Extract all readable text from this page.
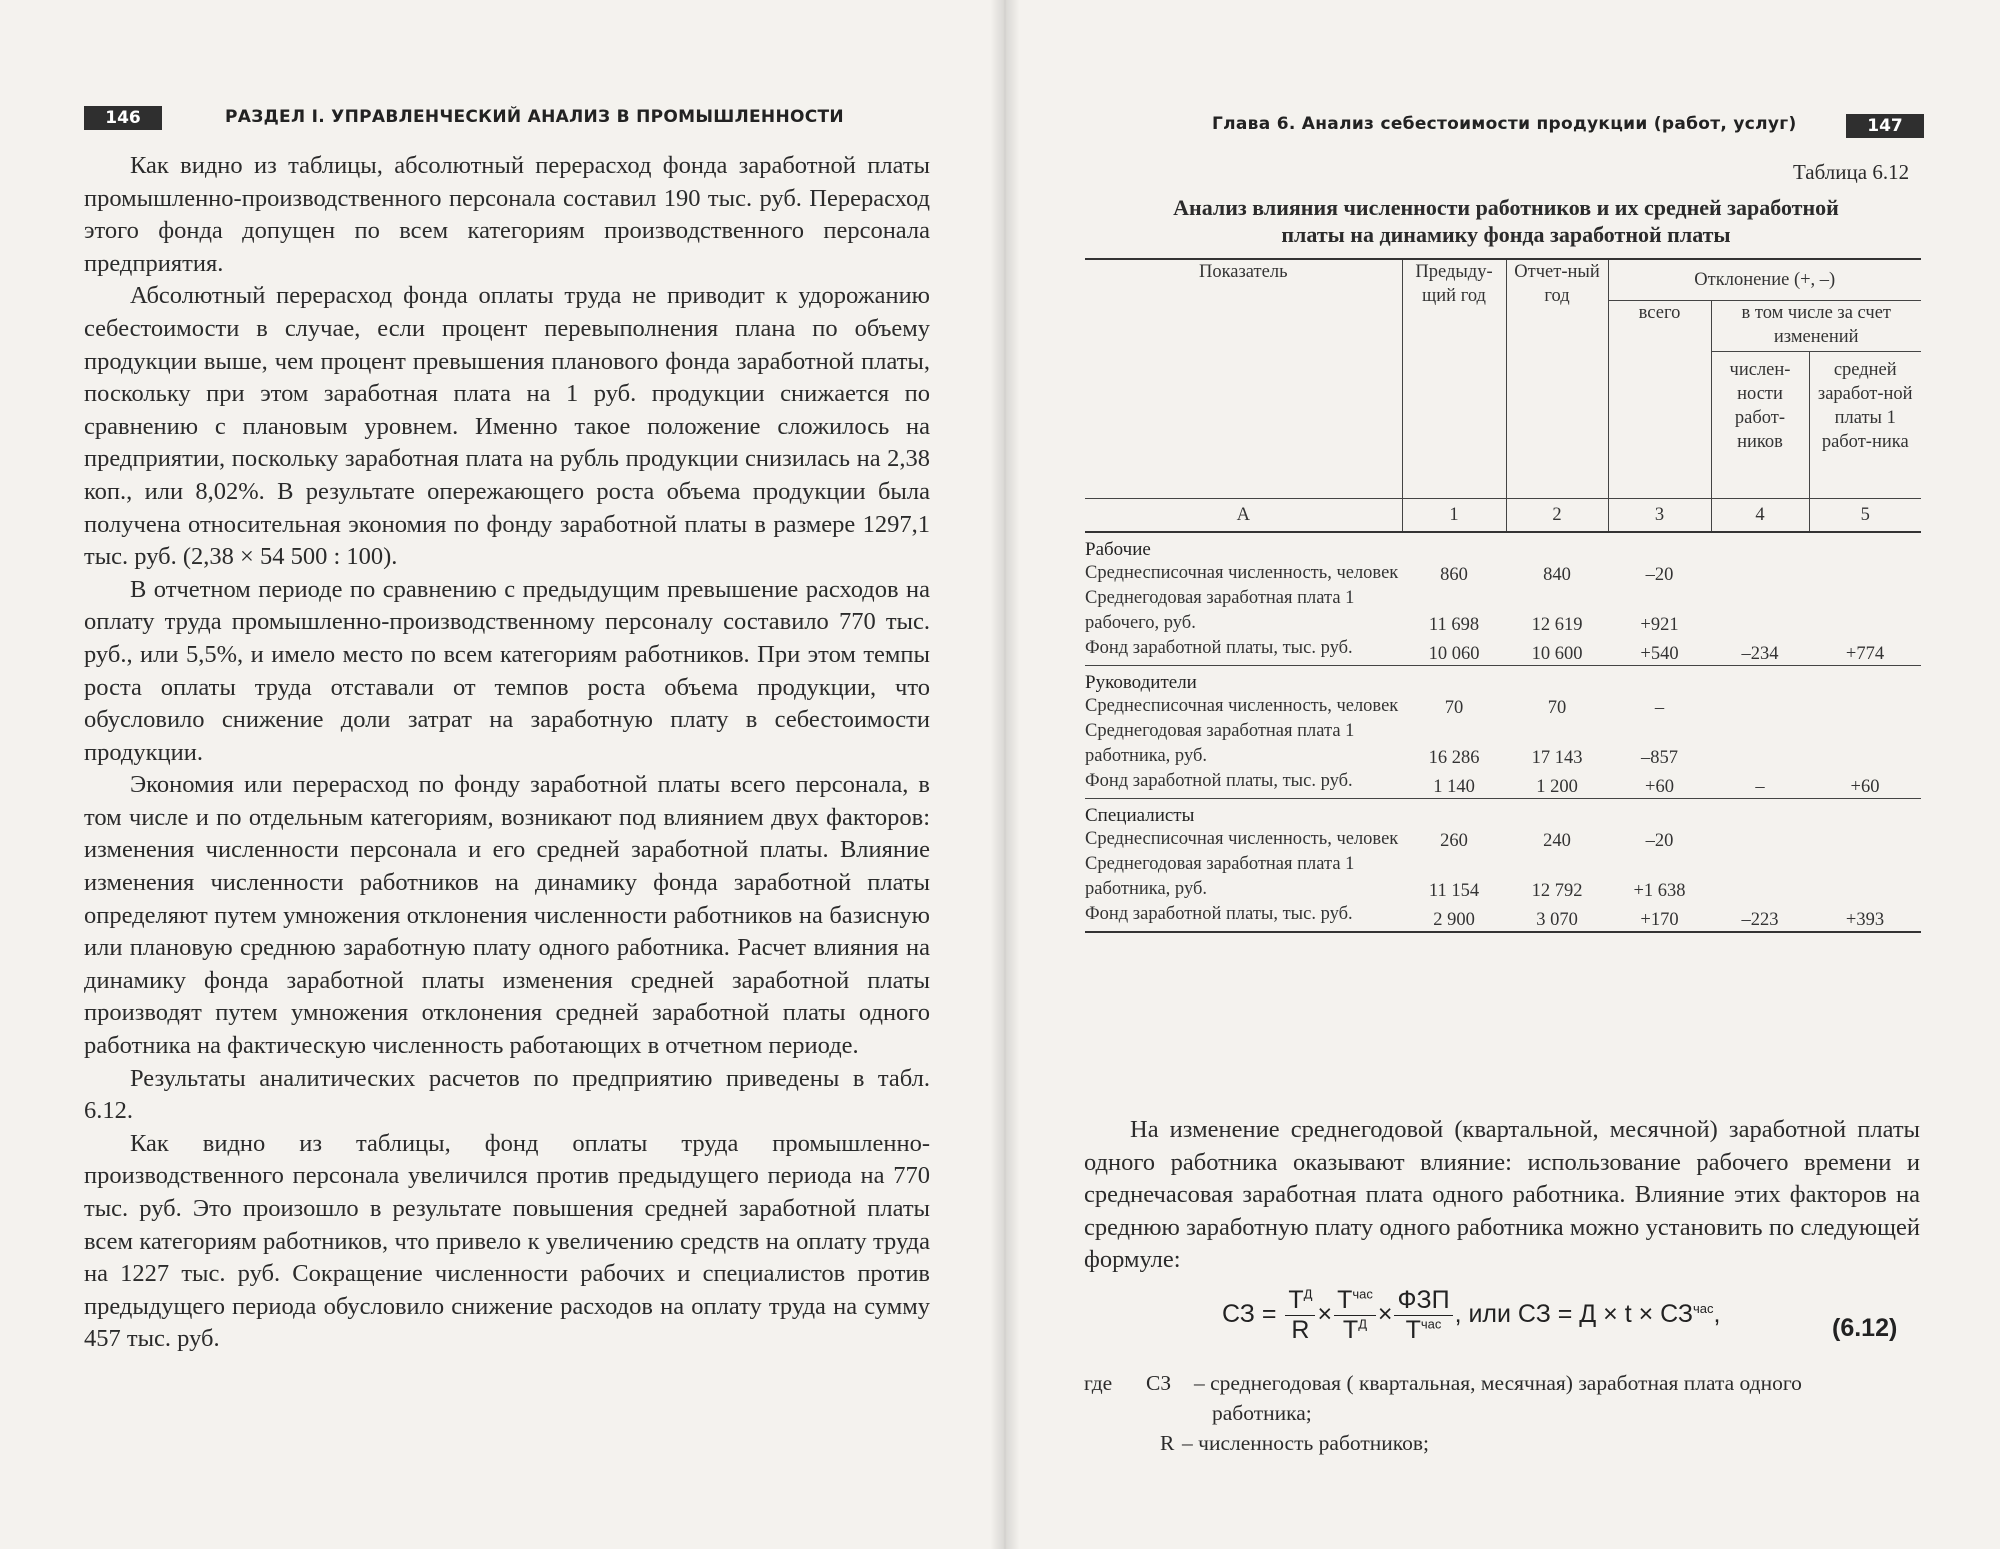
146	РАЗДЕЛ I. УПРАВЛЕНЧЕСКИЙ АНАЛИЗ В ПРОМЫШЛЕННОСТИ

Как видно из таблицы, абсолютный перерасход фонда заработной платы промышленно-производственного персонала составил 190 тыс. руб. Перерасход этого фонда допущен по всем категориям производственного персонала предприятия.

Абсолютный перерасход фонда оплаты труда не приводит к удорожанию себестоимости в случае, если процент перевыполнения плана по объему продукции выше, чем процент превышения планового фонда заработной платы, поскольку при этом заработная плата на 1 руб. продукции снижается по сравнению с плановым уровнем. Именно такое положение сложилось на предприятии, поскольку заработная плата на рубль продукции снизилась на 2,38 коп., или 8,02%. В результате опережающего роста объема продукции была получена относительная экономия по фонду заработной платы в размере 1297,1 тыс. руб. (2,38 × 54 500 : 100).

В отчетном периоде по сравнению с предыдущим превышение расходов на оплату труда промышленно-производственному персоналу составило 770 тыс. руб., или 5,5%, и имело место по всем категориям работников. При этом темпы роста оплаты труда отставали от темпов роста объема продукции, что обусловило снижение доли затрат на заработную плату в себестоимости продукции.

Экономия или перерасход по фонду заработной платы всего персонала, в том числе и по отдельным категориям, возникают под влиянием двух факторов: изменения численности персонала и его средней заработной платы. Влияние изменения численности работников на динамику фонда заработной платы определяют путем умножения отклонения численности работников на базисную или плановую среднюю заработную плату одного работника. Расчет влияния на динамику фонда заработной платы изменения средней заработной платы производят путем умножения отклонения средней заработной платы одного работника на фактическую численность работающих в отчетном периоде.

Результаты аналитических расчетов по предприятию приведены в табл. 6.12.

Как видно из таблицы, фонд оплаты труда промышленно-производственного персонала увеличился против предыдущего периода на 770 тыс. руб. Это произошло в результате повышения средней заработной платы всем категориям работников, что привело к увеличению средств на оплату труда на 1227 тыс. руб. Сокращение численности рабочих и специалистов против предыдущего периода обусловило снижение расходов на оплату труда на сумму 457 тыс. руб.

Глава 6. Анализ себестоимости продукции (работ, услуг)	147
Таблица 6.12
Анализ влияния численности работников и их средней заработной
платы на динамику фонда заработной платы
Показатель	Предыду-щий год	Отчет-ный год	Отклонение (+, –)		
			всего	в том числе за счет изменений	
				числен-ности работ-ников	средней заработ-ной платы 1 работ-ника
А	1	2	3	4	5
Рабочие					
Среднесписочная численность, человек	860	840	–20		
Среднегодовая заработная плата 1 рабочего, руб.	11 698	12 619	+921		
Фонд заработной платы, тыс. руб.	10 060	10 600	+540	–234	+774
Руководители					
Среднесписочная численность, человек	70	70	–		
Среднегодовая заработная плата 1 работника, руб.	16 286	17 143	–857		
Фонд заработной платы, тыс. руб.	1 140	1 200	+60	–	+60
Специалисты					
Среднесписочная численность, человек	260	240	–20		
Среднегодовая заработная плата 1 работника, руб.	11 154	12 792	+1 638		
Фонд заработной платы, тыс. руб.	2 900	3 070	+170	–223	+393

На изменение среднегодовой (квартальной, месячной) заработной платы одного работника оказывают влияние: использование рабочего времени и среднечасовая заработная плата одного работника. Влияние этих факторов на среднюю заработную плату одного работника можно установить по следующей формуле:

СЗ = $\frac{Т^Д}{R} \times \frac{Т^{час}}{Т^Д} \times \frac{\text{ФЗП}}{Т^{час}}$ , или СЗ = $Д \times t \times СЗ^{час}$,	(6.12)
где СЗ – среднегодовая ( квартальная, месячная) заработная плата одного
работника;
R – численность работников;
